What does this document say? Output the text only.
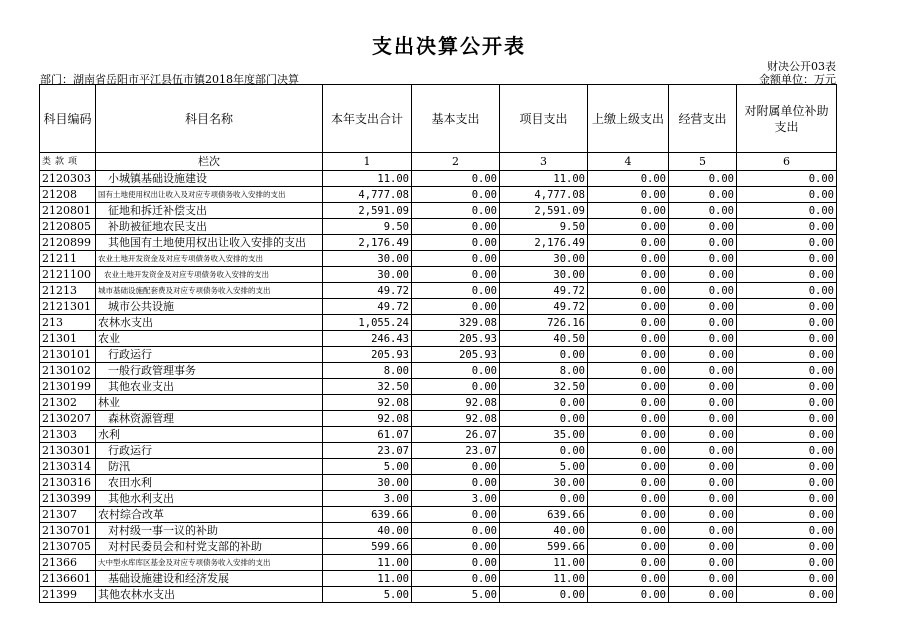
支出决算公开表
财决公开03表
部门：湖南省岳阳市平江县伍市镇2018年度部门决算	金额单位：万元
科目编码	科目名称	本年支出合计	基本支出	项目支出	上缴上级支出	经营支出	对附属单位补助支出
类 款 项	栏次	1	2	3	4	5	6
2120303	小城镇基础设施建设	11.00	0.00	11.00	0.00	0.00	0.00
21208	国有土地使用权出让收入及对应专项债务收入安排的支出	4,777.08	0.00	4,777.08	0.00	0.00	0.00
2120801	征地和拆迁补偿支出	2,591.09	0.00	2,591.09	0.00	0.00	0.00
2120805	补助被征地农民支出	9.50	0.00	9.50	0.00	0.00	0.00
2120899	其他国有土地使用权出让收入安排的支出	2,176.49	0.00	2,176.49	0.00	0.00	0.00
21211	农业土地开发资金及对应专项债务收入安排的支出	30.00	0.00	30.00	0.00	0.00	0.00
2121100	农业土地开发资金及对应专项债务收入安排的支出	30.00	0.00	30.00	0.00	0.00	0.00
21213	城市基础设施配套费及对应专项债务收入安排的支出	49.72	0.00	49.72	0.00	0.00	0.00
2121301	城市公共设施	49.72	0.00	49.72	0.00	0.00	0.00
213	农林水支出	1,055.24	329.08	726.16	0.00	0.00	0.00
21301	农业	246.43	205.93	40.50	0.00	0.00	0.00
2130101	行政运行	205.93	205.93	0.00	0.00	0.00	0.00
2130102	一般行政管理事务	8.00	0.00	8.00	0.00	0.00	0.00
2130199	其他农业支出	32.50	0.00	32.50	0.00	0.00	0.00
21302	林业	92.08	92.08	0.00	0.00	0.00	0.00
2130207	森林资源管理	92.08	92.08	0.00	0.00	0.00	0.00
21303	水利	61.07	26.07	35.00	0.00	0.00	0.00
2130301	行政运行	23.07	23.07	0.00	0.00	0.00	0.00
2130314	防汛	5.00	0.00	5.00	0.00	0.00	0.00
2130316	农田水利	30.00	0.00	30.00	0.00	0.00	0.00
2130399	其他水利支出	3.00	3.00	0.00	0.00	0.00	0.00
21307	农村综合改革	639.66	0.00	639.66	0.00	0.00	0.00
2130701	对村级一事一议的补助	40.00	0.00	40.00	0.00	0.00	0.00
2130705	对村民委员会和村党支部的补助	599.66	0.00	599.66	0.00	0.00	0.00
21366	大中型水库库区基金及对应专项债务收入安排的支出	11.00	0.00	11.00	0.00	0.00	0.00
2136601	基础设施建设和经济发展	11.00	0.00	11.00	0.00	0.00	0.00
21399	其他农林水支出	5.00	5.00	0.00	0.00	0.00	0.00
